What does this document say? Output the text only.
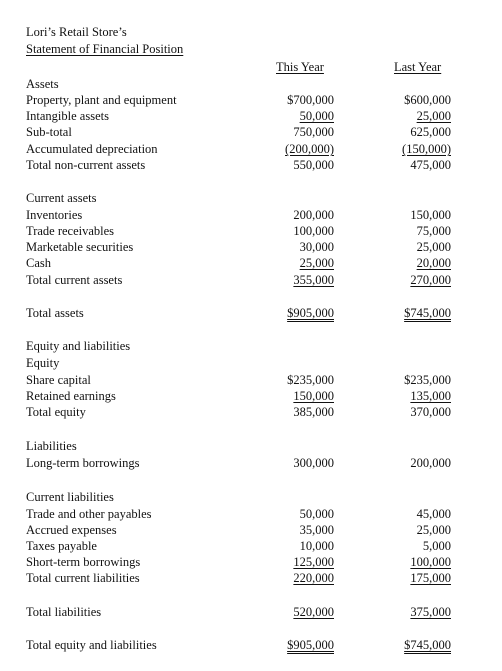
Lori’s Retail Store’s
Statement of Financial Position
This Year	Last Year
Assets
Property, plant and equipment	$700,000	$600,000
Intangible assets	50,000	25,000
Sub-total	750,000	625,000
Accumulated depreciation	(200,000)	(150,000)
Total non-current assets	550,000	475,000
Current assets
Inventories	200,000	150,000
Trade receivables	100,000	75,000
Marketable securities	30,000	25,000
Cash	25,000	20,000
Total current assets	355,000	270,000
Total assets	$905,000	$745,000
Equity and liabilities
Equity
Share capital	$235,000	$235,000
Retained earnings	150,000	135,000
Total equity	385,000	370,000
Liabilities
Long-term borrowings	300,000	200,000
Current liabilities
Trade and other payables	50,000	45,000
Accrued expenses	35,000	25,000
Taxes payable	10,000	5,000
Short-term borrowings	125,000	100,000
Total current liabilities	220,000	175,000
Total liabilities	520,000	375,000
Total equity and liabilities	$905,000	$745,000
